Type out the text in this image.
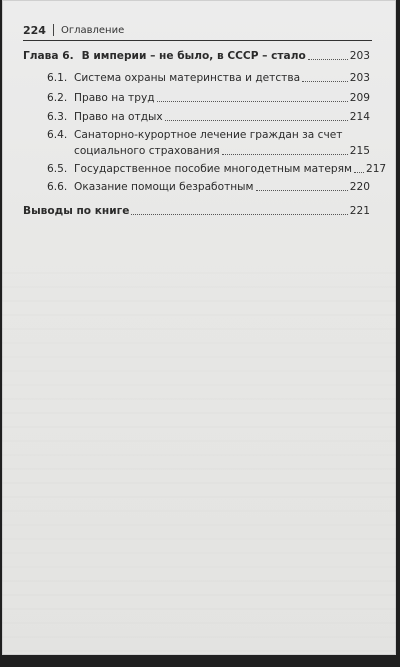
224 Оглавление
Глава 6. В империи – не было, в СССР – стало	203
6.1. Система охраны материнства и детства	203
6.2. Право на труд	209
6.3. Право на отдых	214
6.4. Санаторно-курортное лечение граждан за счет
социального страхования	215
6.5. Государственное пособие многодетным матерям 217
6.6. Оказание помощи безработным	220
Выводы по книге	221
